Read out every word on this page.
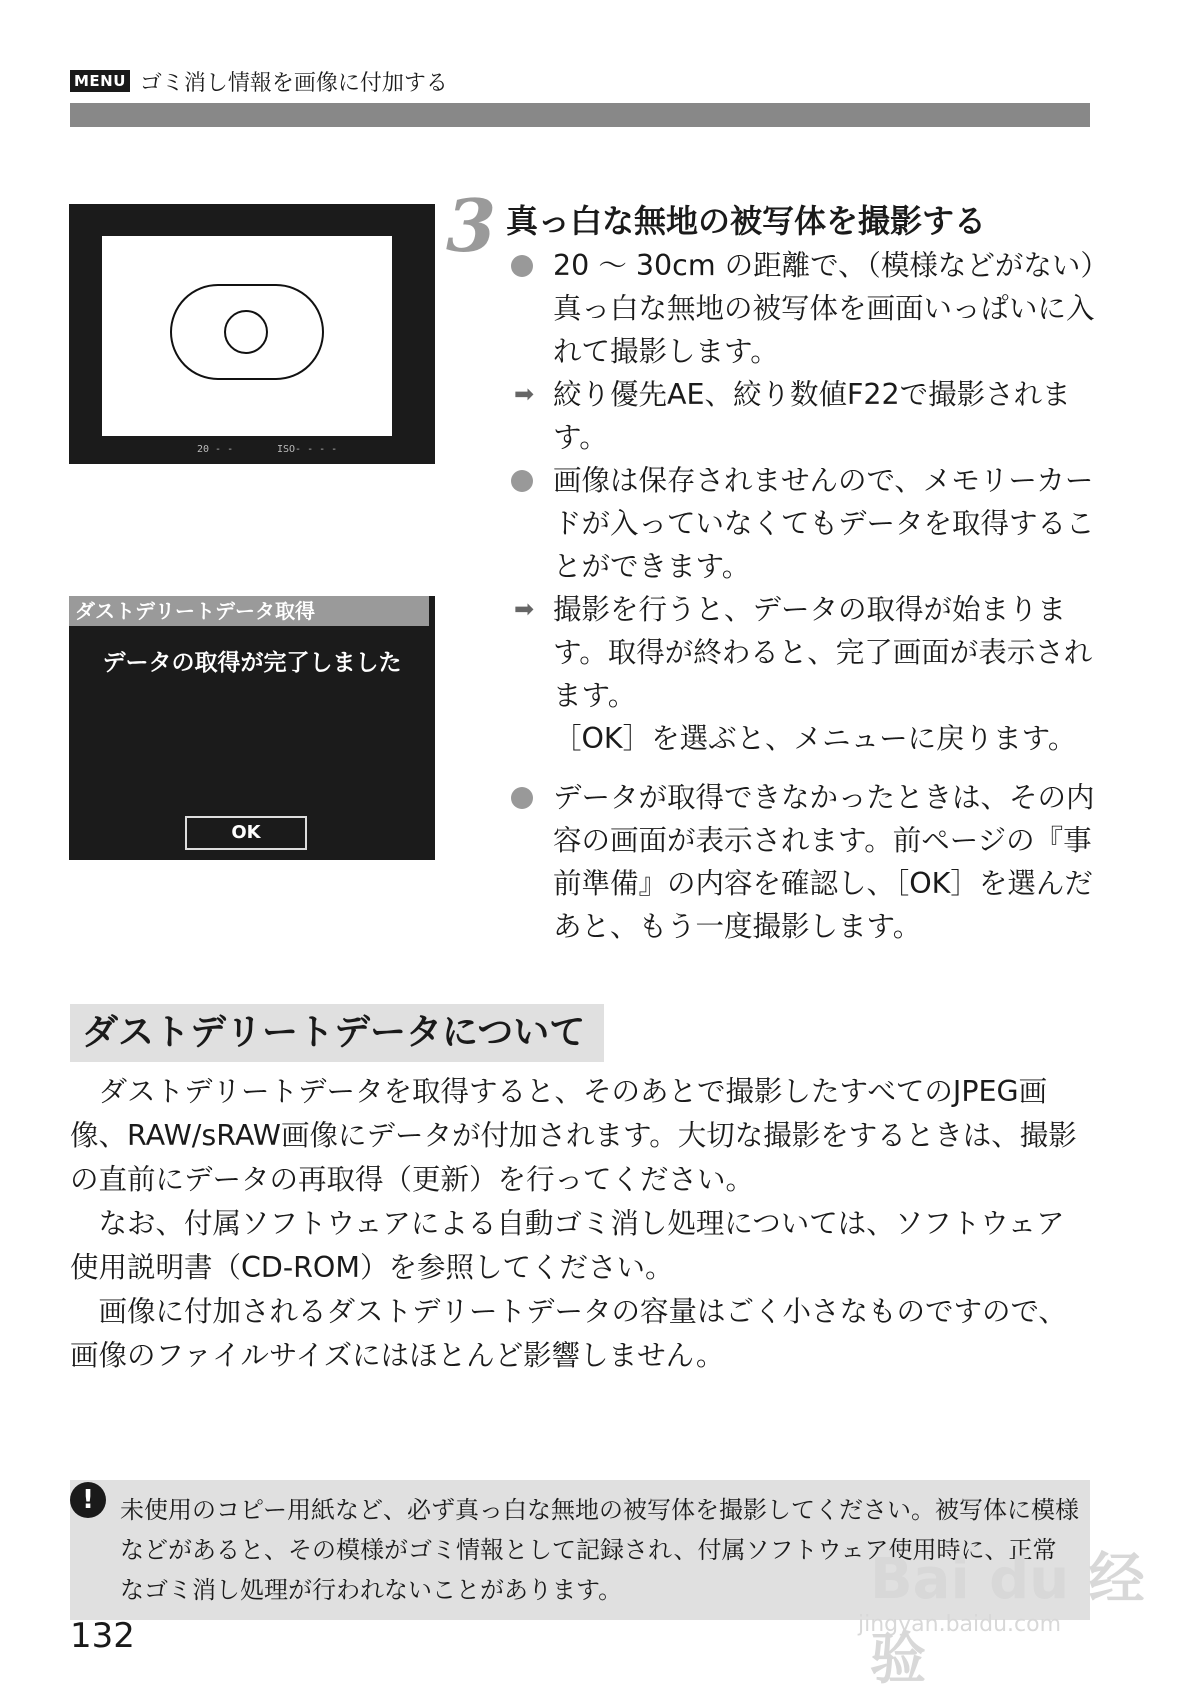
MENU ゴミ消し情報を画像に付加する
20 - -	ISO- - - -
ダストデリートデータ取得
データの取得が完了しました
OK
3 真っ白な無地の被写体を撮影する

20 ～ 30cm の距離で、（模様などがない）真っ白な無地の被写体を画面いっぱいに入れて撮影します。

➡ 絞り優先AE、絞り数値F22で撮影されます。

画像は保存されませんので、メモリーカードが入っていなくてもデータを取得することができます。

➡ 撮影を行うと、データの取得が始まります。取得が終わると、完了画面が表示されます。

［OK］を選ぶと、メニューに戻ります。

データが取得できなかったときは、その内容の画面が表示されます。前ページの『事前準備』の内容を確認し、［OK］を選んだあと、もう一度撮影します。

ダストデリートデータについて

ダストデリートデータを取得すると、そのあとで撮影したすべてのJPEG画像、RAW/sRAW画像にデータが付加されます。大切な撮影をするときは、撮影の直前にデータの再取得（更新）を行ってください。

なお、付属ソフトウェアによる自動ゴミ消し処理については、ソフトウェア使用説明書（CD-ROM）を参照してください。

画像に付加されるダストデリートデータの容量はごく小さなものですので、画像のファイルサイズにはほとんど影響しません。

!	未使用のコピー用紙など、必ず真っ白な無地の被写体を撮影してください。被写体に模様などがあると、その模様がゴミ情報として記録され、付属ソフトウェア使用時に、正常なゴミ消し処理が行われないことがあります。
132
Bai du 经验
jingyan.baidu.com
